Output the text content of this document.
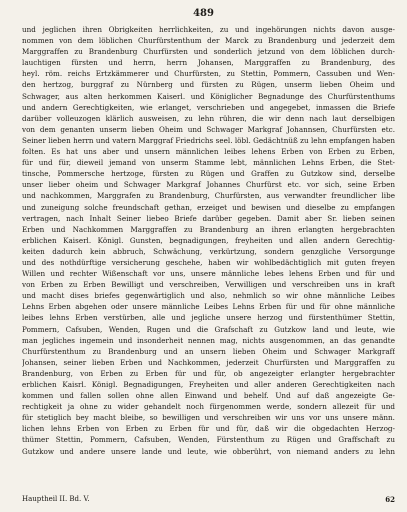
489
und jeglichen ihren Obrigkeiten herrlichkeiten, zu und ingehörungen nichts davon ausge-
nommen von dem löblichen Churfürstenthum der Marck zu Brandenburg und jederzeit dem
Marggraffen zu Brandenburg Churfürsten und sonderlich jetzund von dem löblichen durch-
lauchtigen fürsten und herrn, herrn Johansen, Marggraffen zu Brandenburg, des
heyl. röm. reichs Ertzkämmerer und Churfürsten, zu Stettin, Pommern, Cassuben und Wen-
den hertzog, burggraf zu Nürnberg und fürsten zu Rügen, unserm lieben Oheim und
Schwager, aus alten herkommen Kaiserl. und Königlicher Begnadunge des Churfürstenthums
und andern Gerechtigkeiten, wie erlanget, verschrieben und angegebet, inmassen die Briefe
darüber volleuzogen klärlich ausweisen, zu lehn rühren, die wir denn nach laut derselbigen
von dem genanten unserm lieben Oheim und Schwager Markgraf Johannsen, Churfürsten etc.
Seiner lieben herrn und vatern Marggraf Friedrichs seel. löbl. Gedächtnüß zu lehn empfangen haben
folten. Es hat uns aber und unsern männlichen leibes lehens Erben von Erben zu Erben,
für und für, dieweil jemand von unserm Stamme lebt, männlichen Lehns Erben, die Stet-
tinsche, Pommersche hertzoge, fürsten zu Rügen und Graffen zu Gutzkow sind, derselbe
unser lieber oheim und Schwager Markgraf Johannes Churfürst etc. vor sich, seine Erben
und nachkommen, Marggrafen zu Brandenburg, Churfürsten, aus verwandter freundlicher libe
und zuneigung solche freundschaft gethan, erzeiget und bewisen und dieselbe zu empfangen
vertragen, nach Inhalt Seiner liebeo Briefe darüber gegeben. Damit aber Sr. lieben seinen
Erben und Nachkommen Marggraffen zu Brandenburg an ihren erlangten hergebrachten
erblichen Kaiserl. Königl. Gunsten, begnadigungen, freyheiten und allen andern Gerechtig-
keiten dadurch kein abbruch, Schwächung, verkürtzung, sondern genzgliche Versorgunge
und des nothdürftige versicherung geschehe, haben wir wohlbedächtiglich mit guten freyen
Willen und rechter Wißenschaft vor uns, unsere männliche lebes lehens Erben und für und
von Erben zu Erben Bewilligt und verschreiben, Verwilligen und verschreiben uns in kraft
und macht dises briefes gegenwärtiglich und also, nehmlich so wir ohne männliche Leibes
Lehns Erben abgehen oder unsere männliche Leibes Lehns Erben für und für ohne männliche
leibes lehns Erben verstürben, alle und jegliche unsere herzog und fürstenthümer Stettin,
Pommern, Cafsuben, Wenden, Rugen und die Grafschaft zu Gutzkow land und leute, wie
man jegliches ingemein und insonderheit nennen mag, nichts ausgenommen, an das genandte
Churfürstenthum zu Brandenburg und an unsern lieben Oheim und Schwager Markgraff
Johansen, seiner lieben Erben und Nachkommen, jederzeit Churfürsten und Marggraffen zu
Brandenburg, von Erben zu Erben für und für, ob angezeigter erlangter hergebrachter
erblichen Kaisrl. Königl. Begnadigungen, Freyheiten und aller anderen Gerechtigkeiten nach
kommen und fallen sollen ohne allen Einwand und behelf. Und auf daß angezeigte Ge-
rechtigkeit ja ohne zu wider gehandelt noch fürgenommen werde, sondern allezeit für und
für stetiglich bey macht bleibe, so bewilligen und verschreiben wir uns vor uns unsere männ.
lichen lehns Erben von Erben zu Erben für und für, daß wir die obgedachten Herzog-
thümer Stettin, Pommern, Cafsuben, Wenden, Fürstenthum zu Rügen und Graffschaft zu
Gutzkow und andere unsere lande und leute, wie obberührt, von niemand anders zu lehn
Hauptheil II. Bd. V.	62
